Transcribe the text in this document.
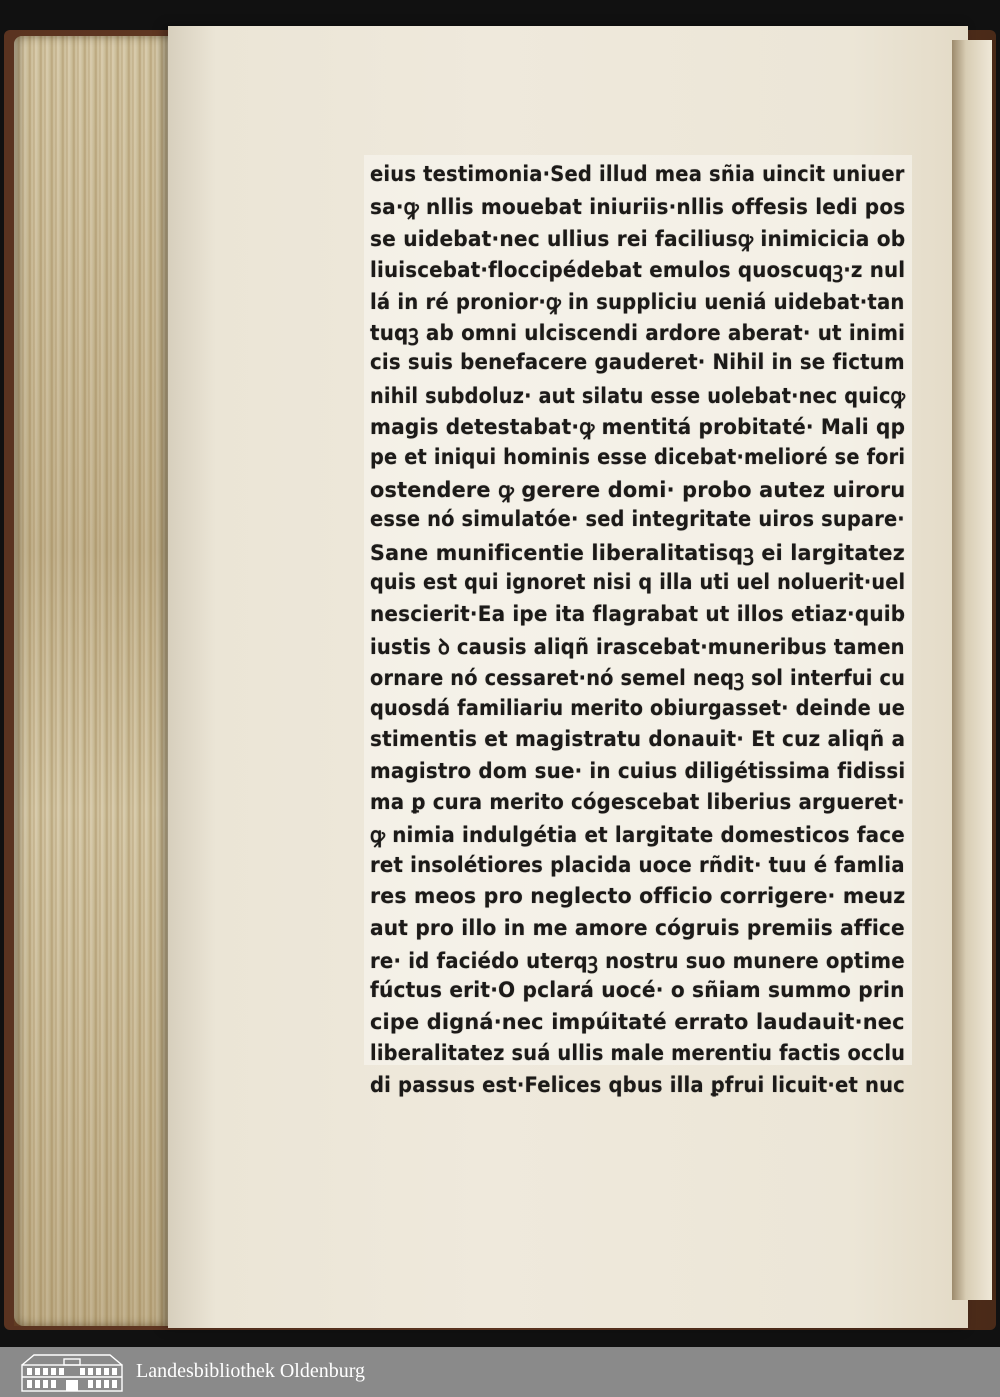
eius testimonia·Sed illud mea sñia uincit uniuer
sa·ꝙ nllis mouebat iniuriis·nllis offesis ledi pos
se uidebat·nec ullius rei faciliusꝙ inimicicia ob
liuiscebat·floccipédebat emulos quoscuqꝫ·z nul
lá in ré pronior·ꝙ in suppliciu ueniá uidebat·tan
tuqꝫ ab omni ulciscendi ardore aberat· ut inimi
cis suis benefacere gauderet· Nihil in se fictum
nihil subdoluz· aut silatu esse uolebat·nec quicꝙ
magis detestabat·ꝙ mentitá probitaté· Mali qp
pe et iniqui hominis esse dicebat·melioré se fori
ostendere ꝙ gerere domi· probo autez uiroru
esse nó simulatóe· sed integritate uiros supare·
Sane munificentie liberalitatisqꝫ ei largitatez
quis est qui ignoret nisi q illa uti uel noluerit·uel
nescierit·Ea ipe ita flagrabat ut illos etiaz·quib
iustis ꝺ causis aliqñ irascebat·muneribus tamen
ornare nó cessaret·nó semel neqꝫ sol interfui cu
quosdá familiariu merito obiurgasset· deinde ue
stimentis et magistratu donauit· Et cuz aliqñ a
magistro dom sue· in cuius diligétissima fidissi
ma ꝑ cura merito cógescebat liberius argueret·
ꝙ nimia indulgétia et largitate domesticos face
ret insolétiores placida uoce rñdit· tuu é famlia
res meos pro neglecto officio corrigere· meuz
aut pro illo in me amore cógruis premiis affice
re· id faciédo uterqꝫ nostru suo munere optime
fúctus erit·O pclará uocé· o sñiam summo prin
cipe digná·nec impúitaté errato laudauit·nec
liberalitatez suá ullis male merentiu factis occlu
di passus est·Felices qbus illa ꝑfrui licuit·et nuc
Landesbibliothek Oldenburg
